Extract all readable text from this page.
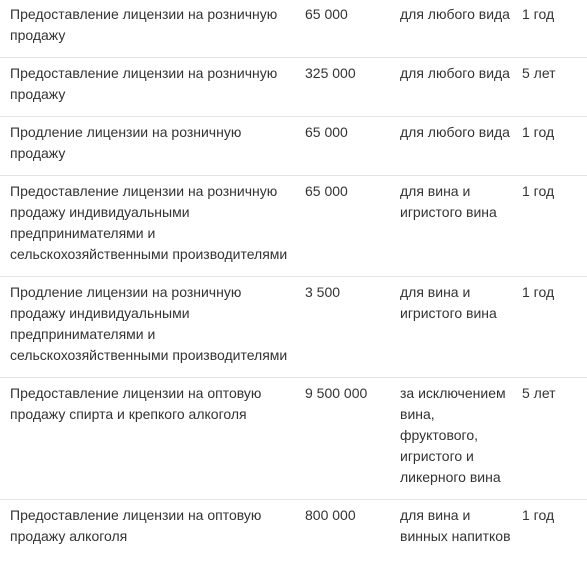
Предоставление лицензии на розничную продажу	65 000	для любого вида	1 год
Предоставление лицензии на розничную продажу	325 000	для любого вида	5 лет
Продление лицензии на розничную продажу	65 000	для любого вида	1 год
Предоставление лицензии на розничную продажу индивидуальными предпринимателями и сельскохозяйственными производителями	65 000	для вина и игристого вина	1 год
Продление лицензии на розничную продажу индивидуальными предпринимателями и сельскохозяйственными производителями	3 500	для вина и игристого вина	1 год
Предоставление лицензии на оптовую продажу спирта и крепкого алкоголя	9 500 000	за исключением вина, фруктового, игристого и ликерного вина	5 лет
Предоставление лицензии на оптовую продажу алкоголя	800 000	для вина и винных напитков	1 год
